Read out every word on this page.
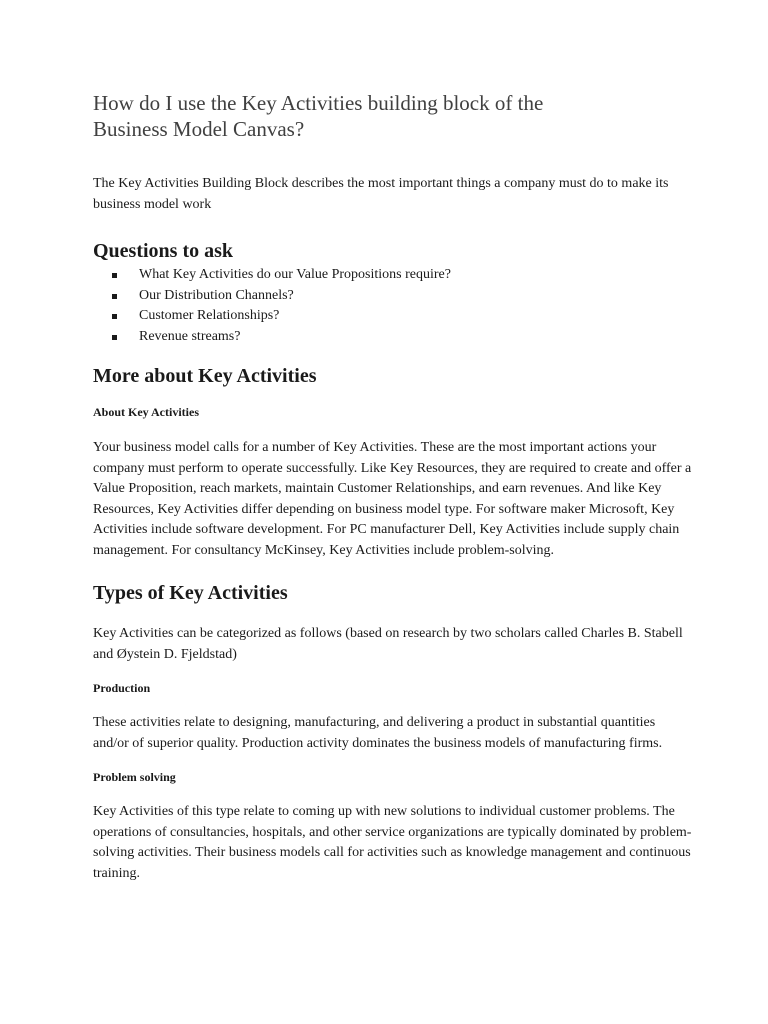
How do I use the Key Activities building block of the
Business Model Canvas?

The Key Activities Building Block describes the most important things a company must do to make its business model work

Questions to ask
What Key Activities do our Value Propositions require?
Our Distribution Channels?
Customer Relationships?
Revenue streams?
More about Key Activities
About Key Activities

Your business model calls for a number of Key Activities. These are the most important actions your company must perform to operate successfully. Like Key Resources, they are required to create and offer a Value Proposition, reach markets, maintain Customer Relationships, and earn revenues. And like Key Resources, Key Activities differ depending on business model type. For software maker Microsoft, Key Activities include software development. For PC manufacturer Dell, Key Activities include supply chain management. For consultancy McKinsey, Key Activities include problem-solving.

Types of Key Activities

Key Activities can be categorized as follows (based on research by two scholars called Charles B. Stabell and Øystein D. Fjeldstad)

Production

These activities relate to designing, manufacturing, and delivering a product in substantial quantities and/or of superior quality. Production activity dominates the business models of manufacturing firms.

Problem solving

Key Activities of this type relate to coming up with new solutions to individual customer problems. The operations of consultancies, hospitals, and other service organizations are typically dominated by problem-solving activities. Their business models call for activities such as knowledge management and continuous training.
